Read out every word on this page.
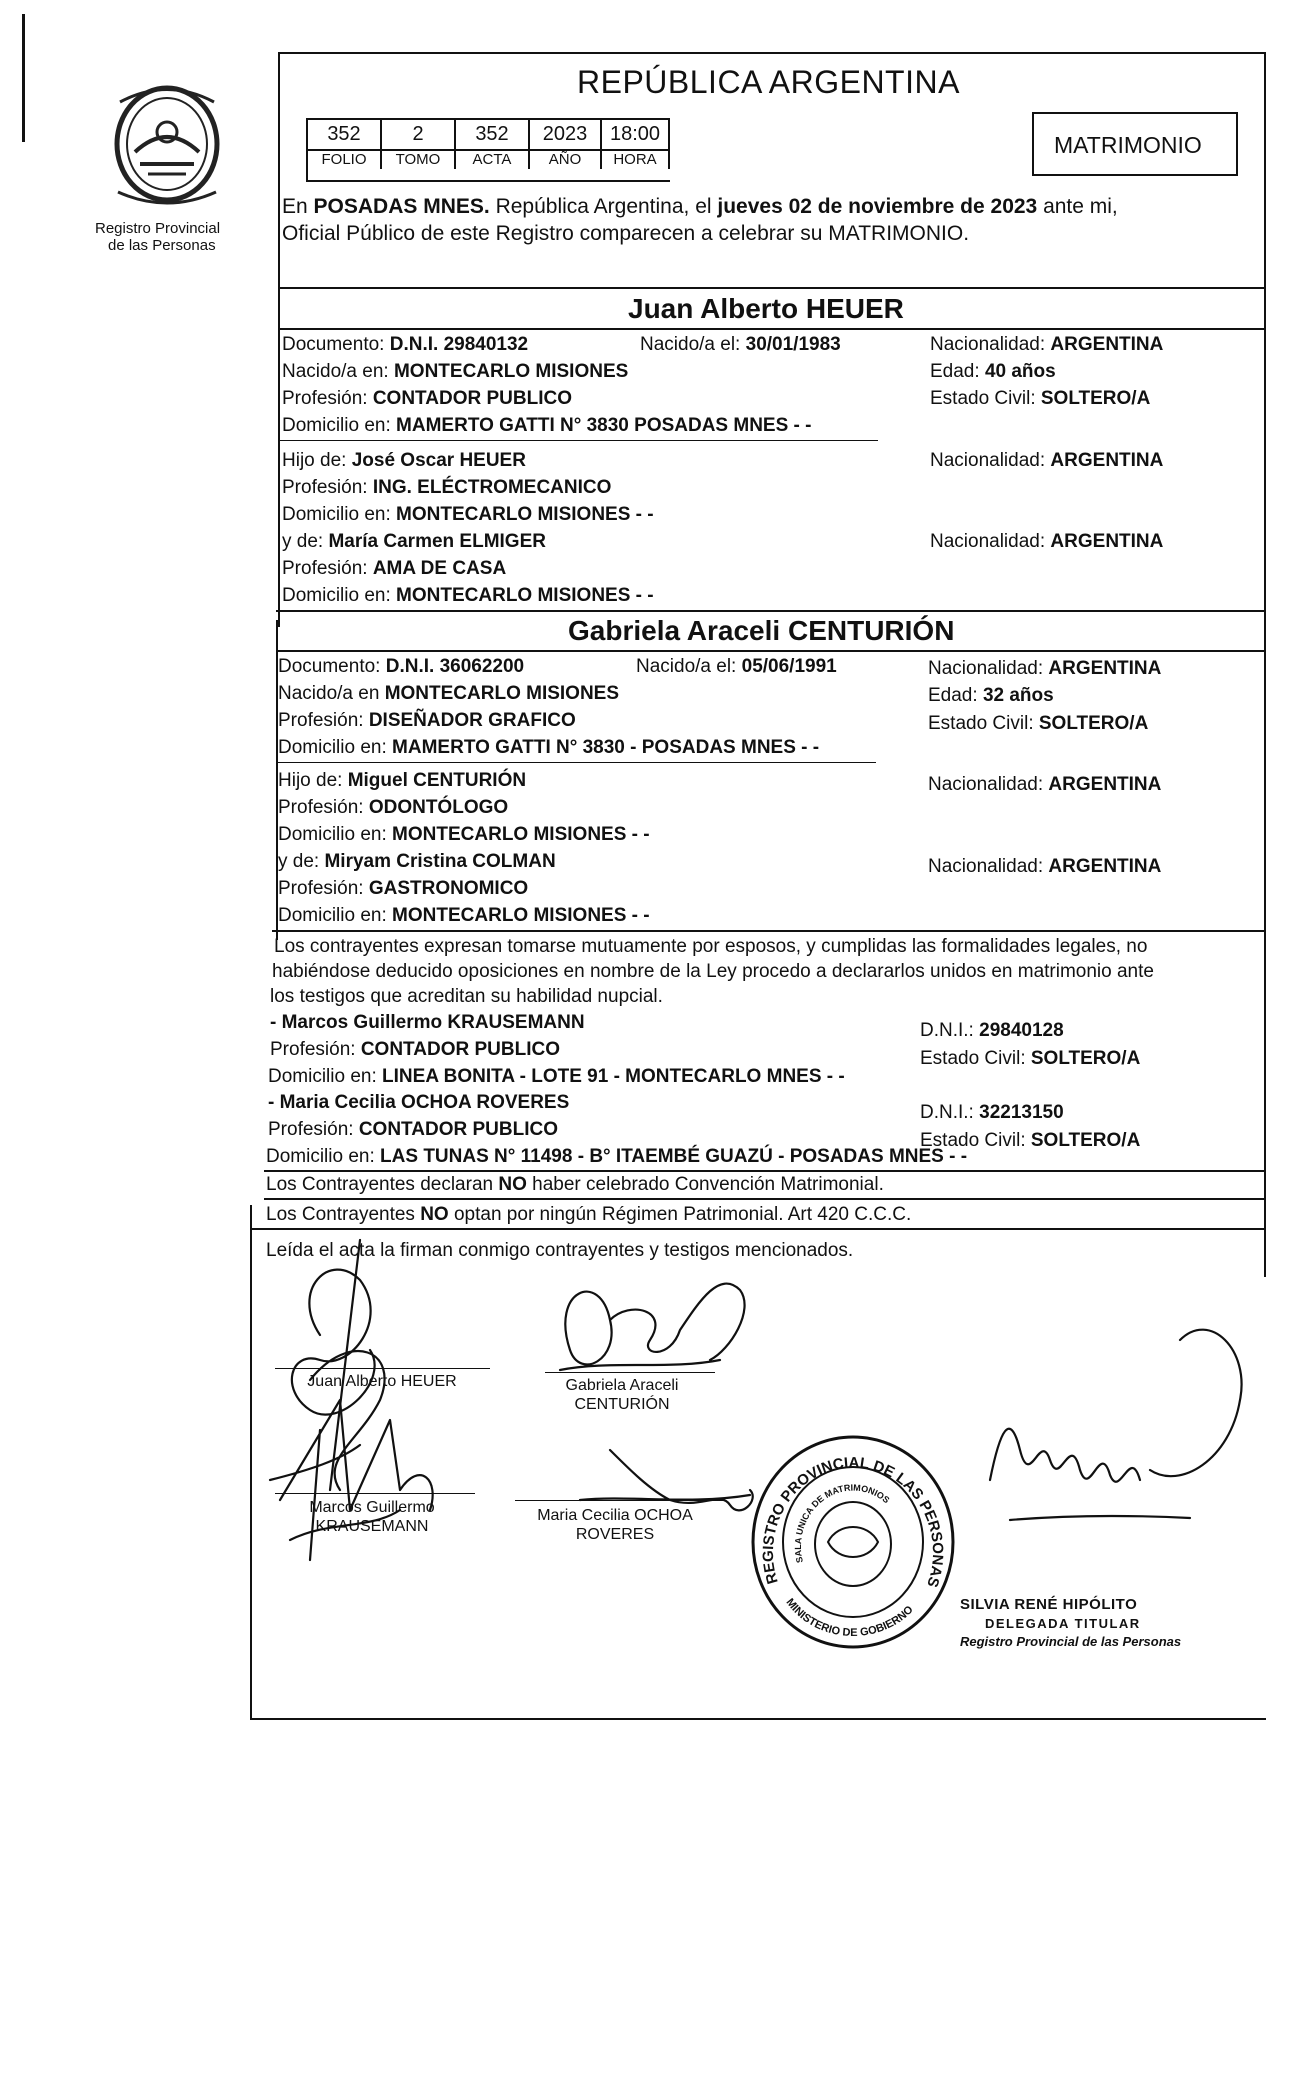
Registro Provincial
de las Personas
REPÚBLICA ARGENTINA
352	2	352	2023	18:00
FOLIO	TOMO	ACTA	AÑO	HORA
MATRIMONIO
En POSADAS MNES. República Argentina, el jueves 02 de noviembre de 2023 ante mi,
Oficial Público de este Registro comparecen a celebrar su MATRIMONIO.
Juan Alberto HEUER
Documento: D.N.I. 29840132	Nacido/a el: 30/01/1983	Nacionalidad: ARGENTINA
Nacido/a en: MONTECARLO MISIONES	Edad: 40 años
Profesión: CONTADOR PUBLICO	Estado Civil: SOLTERO/A
Domicilio en: MAMERTO GATTI N° 3830 POSADAS MNES - -
Hijo de: José Oscar HEUER	Nacionalidad: ARGENTINA
Profesión: ING. ELÉCTROMECANICO
Domicilio en: MONTECARLO MISIONES - -
y de: María Carmen ELMIGER	Nacionalidad: ARGENTINA
Profesión: AMA DE CASA
Domicilio en: MONTECARLO MISIONES - -
Gabriela Araceli CENTURIÓN
Documento: D.N.I. 36062200	Nacido/a el: 05/06/1991	Nacionalidad: ARGENTINA
Nacido/a en MONTECARLO MISIONES	Edad: 32 años
Profesión: DISEÑADOR GRAFICO	Estado Civil: SOLTERO/A
Domicilio en: MAMERTO GATTI N° 3830 - POSADAS MNES - -
Hijo de: Miguel CENTURIÓN	Nacionalidad: ARGENTINA
Profesión: ODONTÓLOGO
Domicilio en: MONTECARLO MISIONES - -
y de: Miryam Cristina COLMAN	Nacionalidad: ARGENTINA
Profesión: GASTRONOMICO
Domicilio en: MONTECARLO MISIONES - -
Los contrayentes expresan tomarse mutuamente por esposos, y cumplidas las formalidades legales, no
habiéndose deducido oposiciones en nombre de la Ley procedo a declararlos unidos en matrimonio ante
los testigos que acreditan su habilidad nupcial.
- Marcos Guillermo KRAUSEMANN	D.N.I.: 29840128
Profesión: CONTADOR PUBLICO	Estado Civil: SOLTERO/A
Domicilio en: LINEA BONITA - LOTE 91 - MONTECARLO MNES - -
- Maria Cecilia OCHOA ROVERES	D.N.I.: 32213150
Profesión: CONTADOR PUBLICO
Estado Civil: SOLTERO/A
Domicilio en: LAS TUNAS N° 11498 - B° ITAEMBÉ GUAZÚ - POSADAS MNES - -
Los Contrayentes declaran NO haber celebrado Convención Matrimonial.
Los Contrayentes NO optan por ningún Régimen Patrimonial. Art 420 C.C.C.
Leída el acta la firman conmigo contrayentes y testigos mencionados.
Juan Alberto HEUER	Gabriela Araceli
CENTURIÓN
Marcos Guillermo
KRAUSEMANN
Maria Cecilia OCHOA
ROVERES
REGISTRO PROVINCIAL DE LAS PERSONAS
SALA UNICA DE MATRIMONIOS
MINISTERIO DE GOBIERNO	SILVIA RENÉ HIPÓLITO
DELEGADA TITULAR
Registro Provincial de las Personas
